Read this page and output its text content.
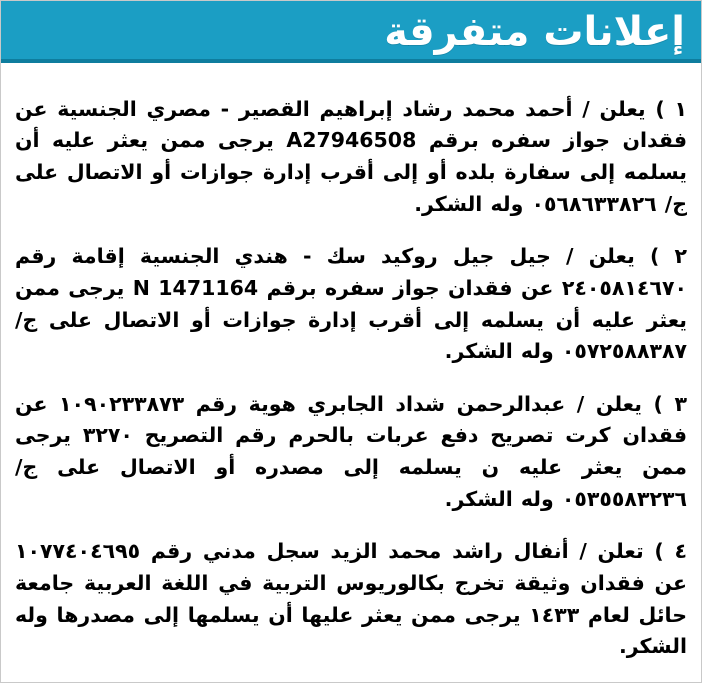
إعلانات متفرقة

١ ) يعلن / أحمد محمد رشاد إبراهيم القصير - مصري الجنسية عن فقدان جواز سفره برقم A27946508 يرجى ممن يعثر عليه أن يسلمه إلى سفارة بلده أو إلى أقرب إدارة جوازات أو الاتصال على ج/ ٠٥٦٨٦٣٣٨٢٦ وله الشكر.

٢ ) يعلن / جيل جيل روكيد سك - هندي الجنسية إقامة رقم ٢٤٠٥٨١٤٦٧٠ عن فقدان جواز سفره برقم N 1471164 يرجى ممن يعثر عليه أن يسلمه إلى أقرب إدارة جوازات أو الاتصال على ج/ ٠٥٧٢٥٨٨٣٨٧ وله الشكر.

٣ ) يعلن / عبدالرحمن شداد الجابري هوية رقم ١٠٩٠٢٣٣٨٧٣ عن فقدان كرت تصريح دفع عربات بالحرم رقم التصريح ٣٢٧٠ يرجى ممن يعثر عليه ن يسلمه إلى مصدره أو الاتصال على ج/ ٠٥٣٥٥٨٣٢٣٦ وله الشكر.

٤ ) تعلن / أنفال راشد محمد الزيد سجل مدني رقم ١٠٧٧٤٠٤٦٩٥ عن فقدان وثيقة تخرج بكالوريوس التربية في اللغة العربية جامعة حائل لعام ١٤٣٣ يرجى ممن يعثر عليها أن يسلمها إلى مصدرها وله الشكر.
